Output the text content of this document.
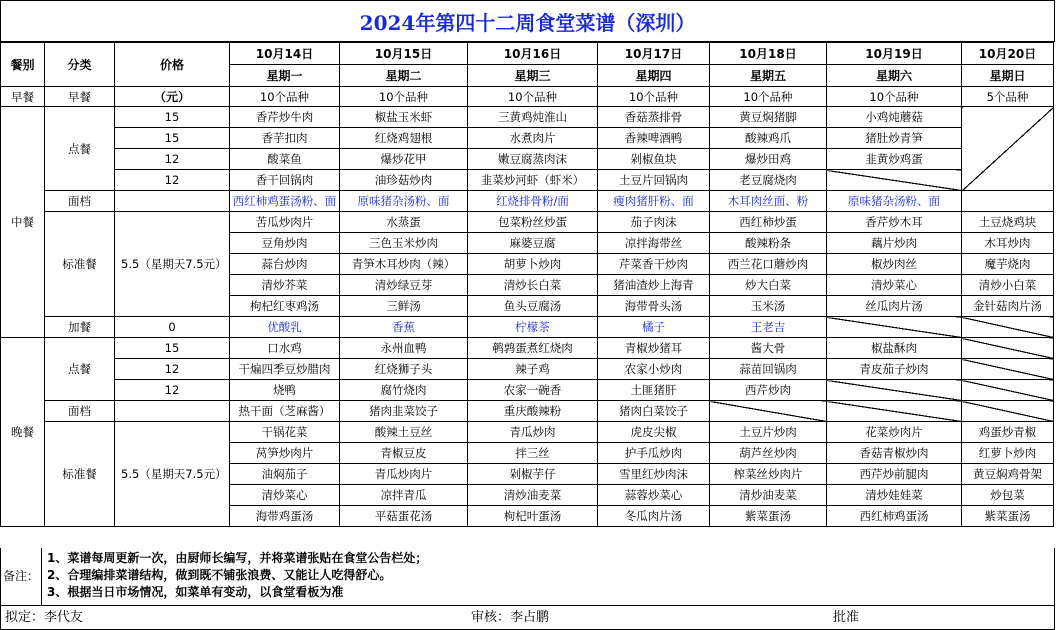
2024年第四十二周食堂菜谱（深圳）
餐别	分类	价格	10月14日	10月15日	10月16日	10月17日	10月18日	10月19日	10月20日
			星期一	星期二	星期三	星期四	星期五	星期六	星期日
早餐	早餐	（元）	10个品种	10个品种	10个品种	10个品种	10个品种	10个品种	5个品种
中餐	点餐	15	香芹炒牛肉	椒盐玉米虾	三黄鸡炖淮山	香菇蒸排骨	黄豆焖猪脚	小鸡炖蘑菇	
		15	香芋扣肉	红烧鸡翅根	水煮肉片	香辣啤酒鸭	酸辣鸡爪	猪肚炒青笋	
		12	酸菜鱼	爆炒花甲	嫩豆腐蒸肉沫	剁椒鱼块	爆炒田鸡	韭黄炒鸡蛋	
		12	香干回锅肉	油珍菇炒肉	韭菜炒河虾（虾米）	土豆片回锅肉	老豆腐烧肉		
	面档		西红柿鸡蛋汤粉、面	原味猪杂汤粉、面	红烧排骨粉/面	瘦肉猪肝粉、面	木耳肉丝面、粉	原味猪杂汤粉、面	
	标准餐	5.5（星期天7.5元）	苦瓜炒肉片	水蒸蛋	包菜粉丝炒蛋	茄子肉沫	西红柿炒蛋	香芹炒木耳	土豆烧鸡块
			豆角炒肉	三色玉米炒肉	麻婆豆腐	凉拌海带丝	酸辣粉条	藕片炒肉	木耳炒肉
			蒜台炒肉	青笋木耳炒肉（辣）	胡萝卜炒肉	芹菜香干炒肉	西兰花口蘑炒肉	椒炒肉丝	魔芋烧肉
			清炒芥菜	清炒绿豆芽	清炒长白菜	猪油渣炒上海青	炒大白菜	清炒菜心	清炒小白菜
			枸杞红枣鸡汤	三鲜汤	鱼头豆腐汤	海带骨头汤	玉米汤	丝瓜肉片汤	金针菇肉片汤
	加餐	0	优酸乳	香蕉	柠檬茶	橘子	王老吉		
晚餐	点餐	15	口水鸡	永州血鸭	鹌鹑蛋煮红烧肉	青椒炒猪耳	酱大骨	椒盐酥肉	
		12	干煸四季豆炒腊肉	红烧狮子头	辣子鸡	农家小炒肉	蒜苗回锅肉	青皮茄子炒肉	
		12	烧鸭	腐竹烧肉	农家一碗香	土匪猪肝	西芹炒肉		
	面档		热干面（芝麻酱）	猪肉韭菜饺子	重庆酸辣粉	猪肉白菜饺子			
	标准餐	5.5（星期天7.5元）	干锅花菜	酸辣土豆丝	青瓜炒肉	虎皮尖椒	土豆片炒肉	花菜炒肉片	鸡蛋炒青椒
			莴笋炒肉片	青椒豆皮	拌三丝	护手瓜炒肉	葫芦丝炒肉	香菇青椒炒肉	红萝卜炒肉
			油焖茄子	青瓜炒肉片	剁椒芋仔	雪里红炒肉沫	榨菜丝炒肉片	西芹炒前腿肉	黄豆焖鸡骨架
			清炒菜心	凉拌青瓜	清炒油麦菜	蒜蓉炒菜心	清炒油麦菜	清炒娃娃菜	炒包菜
			海带鸡蛋汤	平菇蛋花汤	枸杞叶蛋汤	冬瓜肉片汤	紫菜蛋汤	西红柿鸡蛋汤	紫菜蛋汤
备注：
1、菜谱每周更新一次，由厨师长编写，并将菜谱张贴在食堂公告栏处；
2、合理编排菜谱结构，做到既不铺张浪费、又能让人吃得舒心。
3、根据当日市场情况，如菜单有变动，以食堂看板为准
拟定：李代友	审核：李占鹏	批准
